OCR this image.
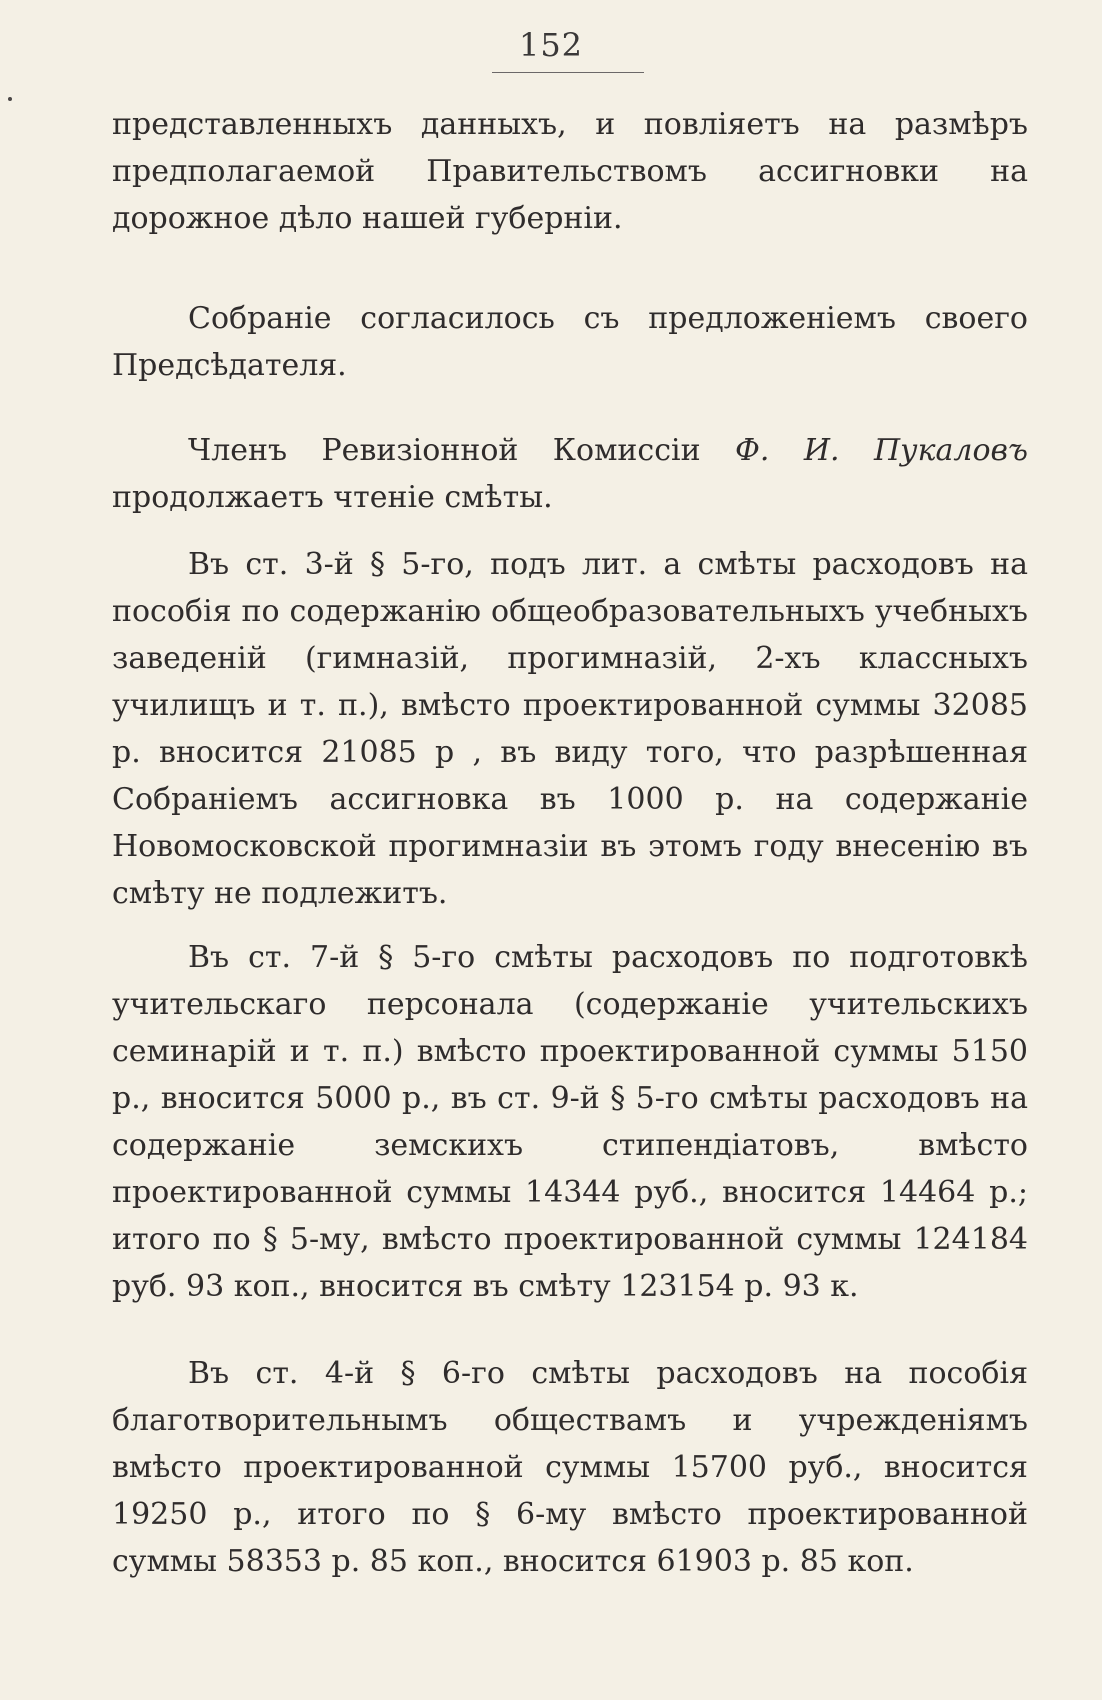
152

представленныхъ данныхъ, и повліяетъ на размѣръ предполагаемой Правительствомъ ассигновки на дорожное дѣло нашей губерніи.

Собраніе согласилось съ предложеніемъ своего Предсѣдателя.

Членъ Ревизіонной Комиссіи Ф. И. Пукаловъ продолжаетъ чтеніе смѣты.

Въ ст. 3-й § 5-го, подъ лит. а смѣты расходовъ на пособія по содержанію общеобразовательныхъ учебныхъ заведеній (гимназій, прогимназій, 2-хъ классныхъ училищъ и т. п.), вмѣсто проектированной суммы 32085 р. вносится 21085 р , въ виду того, что разрѣшенная Собраніемъ ассигновка въ 1000 р. на содержаніе Новомосковской прогимназіи въ этомъ году внесенію въ смѣту не подлежитъ.

Въ ст. 7-й § 5-го смѣты расходовъ по подготовкѣ учительскаго персонала (содержаніе учительскихъ семинарій и т. п.) вмѣсто проектированной суммы 5150 р., вносится 5000 р., въ ст. 9-й § 5-го смѣты расходовъ на содержаніе земскихъ стипендіатовъ, вмѣсто проектированной суммы 14344 руб., вносится 14464 р.; итого по § 5-му, вмѣсто проектированной суммы 124184 руб. 93 коп., вносится въ смѣту 123154 р. 93 к.

Въ ст. 4-й § 6-го смѣты расходовъ на пособія благотворительнымъ обществамъ и учрежденіямъ вмѣсто проектированной суммы 15700 руб., вносится 19250 р., итого по § 6-му вмѣсто проектированной суммы 58353 р. 85 коп., вносится 61903 р. 85 коп.
